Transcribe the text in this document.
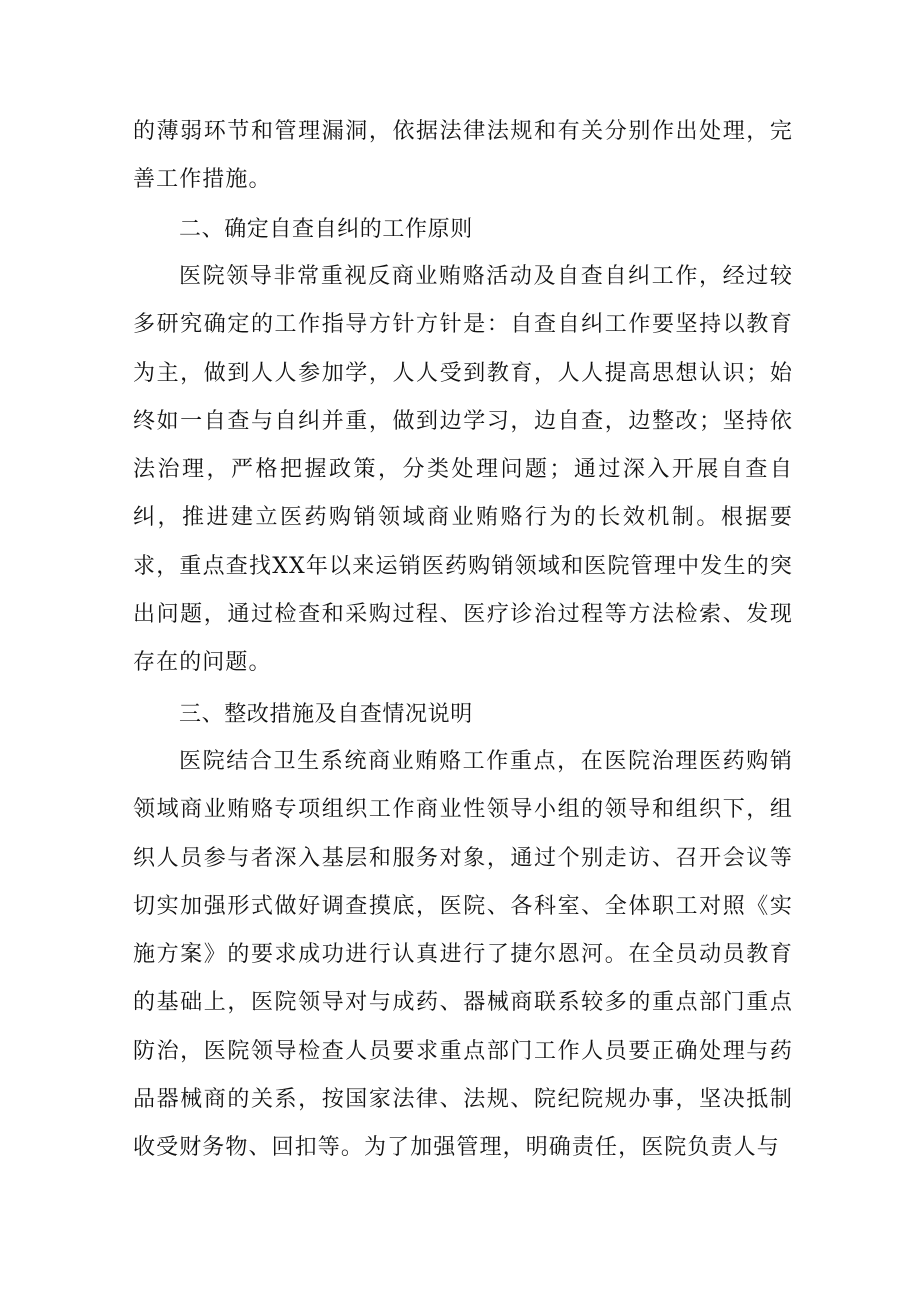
的薄弱环节和管理漏洞，依据法律法规和有关分别作出处理，完善工作措施。

二、确定自查自纠的工作原则

医院领导非常重视反商业贿赂活动及自查自纠工作，经过较多研究确定的工作指导方针方针是：自查自纠工作要坚持以教育为主，做到人人参加学，人人受到教育，人人提高思想认识；始终如一自查与自纠并重，做到边学习，边自查，边整改；坚持依法治理，严格把握政策，分类处理问题；通过深入开展自查自纠，推进建立医药购销领域商业贿赂行为的长效机制。根据要求，重点查找XX年以来运销医药购销领域和医院管理中发生的突出问题，通过检查和采购过程、医疗诊治过程等方法检索、发现存在的问题。

三、整改措施及自查情况说明

医院结合卫生系统商业贿赂工作重点，在医院治理医药购销领域商业贿赂专项组织工作商业性领导小组的领导和组织下，组织人员参与者深入基层和服务对象，通过个别走访、召开会议等切实加强形式做好调查摸底，医院、各科室、全体职工对照《实施方案》的要求成功进行认真进行了捷尔恩河。在全员动员教育的基础上，医院领导对与成药、器械商联系较多的重点部门重点防治，医院领导检查人员要求重点部门工作人员要正确处理与药品器械商的关系，按国家法律、法规、院纪院规办事，坚决抵制收受财务物、回扣等。为了加强管理，明确责任，医院负责人与
